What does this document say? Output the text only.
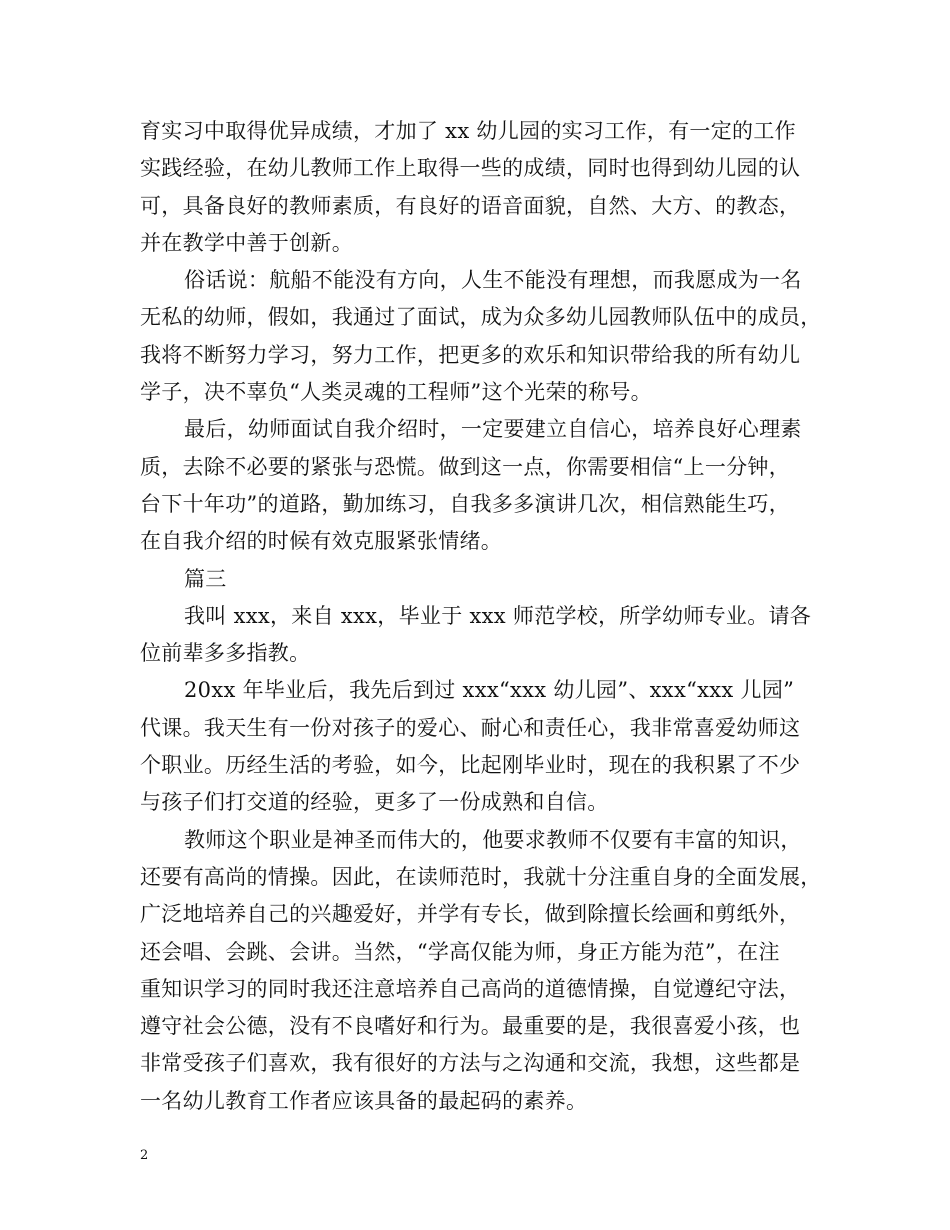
育实习中取得优异成绩，才加了 xx 幼儿园的实习工作，有一定的工作
实践经验，在幼儿教师工作上取得一些的成绩，同时也得到幼儿园的认
可，具备良好的教师素质，有良好的语音面貌，自然、大方、的教态，
并在教学中善于创新。
俗话说：航船不能没有方向，人生不能没有理想，而我愿成为一名
无私的幼师，假如，我通过了面试，成为众多幼儿园教师队伍中的成员，
我将不断努力学习，努力工作，把更多的欢乐和知识带给我的所有幼儿
学子，决不辜负“人类灵魂的工程师”这个光荣的称号。
最后，幼师面试自我介绍时，一定要建立自信心，培养良好心理素
质，去除不必要的紧张与恐慌。做到这一点，你需要相信“上一分钟，
台下十年功”的道路，勤加练习，自我多多演讲几次，相信熟能生巧，
在自我介绍的时候有效克服紧张情绪。
篇三
我叫 xxx，来自 xxx，毕业于 xxx 师范学校，所学幼师专业。请各
位前辈多多指教。
20xx 年毕业后，我先后到过 xxx“xxx 幼儿园”、xxx“xxx 儿园”
代课。我天生有一份对孩子的爱心、耐心和责任心，我非常喜爱幼师这
个职业。历经生活的考验，如今，比起刚毕业时，现在的我积累了不少
与孩子们打交道的经验，更多了一份成熟和自信。
教师这个职业是神圣而伟大的，他要求教师不仅要有丰富的知识，
还要有高尚的情操。因此，在读师范时，我就十分注重自身的全面发展，
广泛地培养自己的兴趣爱好，并学有专长，做到除擅长绘画和剪纸外，
还会唱、会跳、会讲。当然，“学高仅能为师，身正方能为范”，在注
重知识学习的同时我还注意培养自己高尚的道德情操，自觉遵纪守法，
遵守社会公德，没有不良嗜好和行为。最重要的是，我很喜爱小孩，也
非常受孩子们喜欢，我有很好的方法与之沟通和交流，我想，这些都是
一名幼儿教育工作者应该具备的最起码的素养。
2
